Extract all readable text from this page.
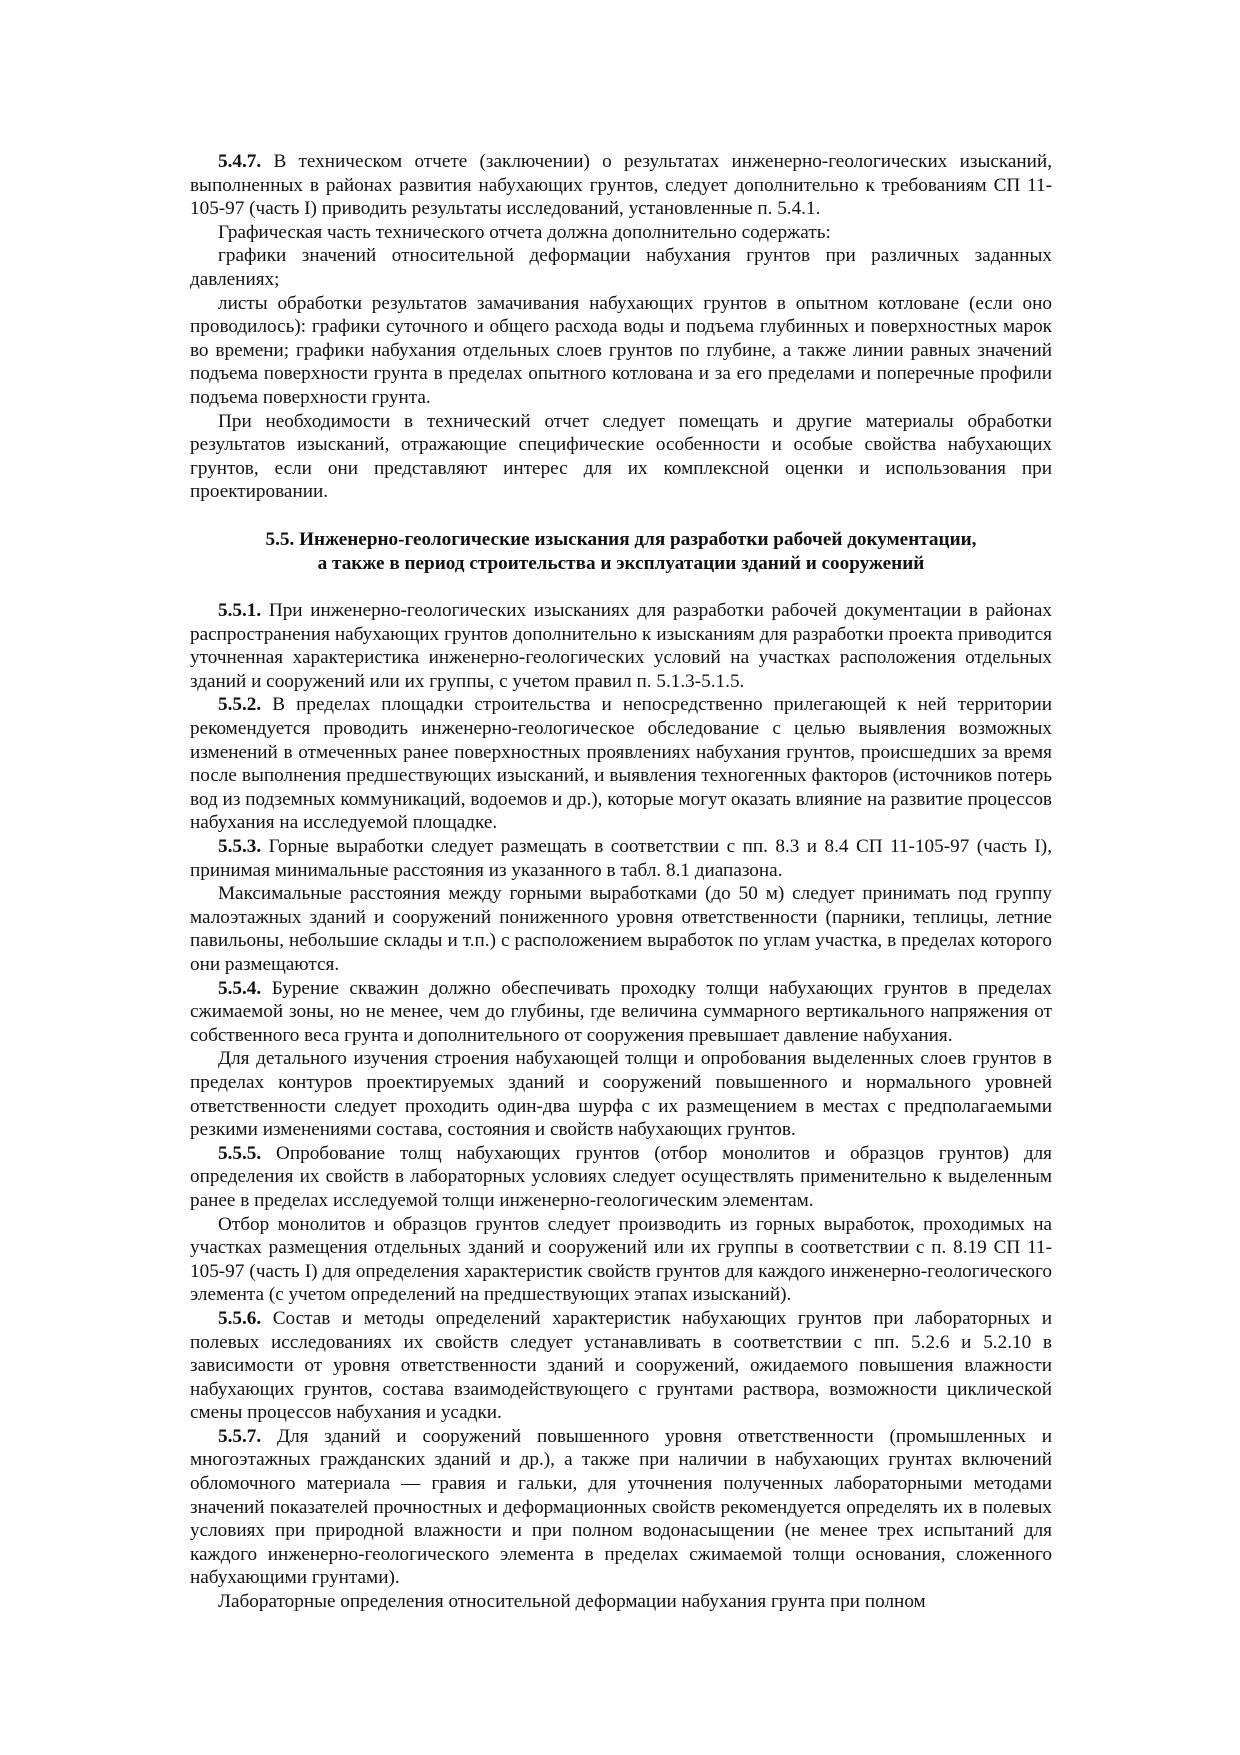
5.4.7. В техническом отчете (заключении) о результатах инженерно-геологических изысканий, выполненных в районах развития набухающих грунтов, следует дополнительно к требованиям СП 11-105-97 (часть I) приводить результаты исследований, установленные п. 5.4.1.

Графическая часть технического отчета должна дополнительно содержать:

графики значений относительной деформации набухания грунтов при различных заданных давлениях;

листы обработки результатов замачивания набухающих грунтов в опытном котловане (если оно проводилось): графики суточного и общего расхода воды и подъема глубинных и поверхностных марок во времени; графики набухания отдельных слоев грунтов по глубине, а также линии равных значений подъема поверхности грунта в пределах опытного котлована и за его пределами и поперечные профили подъема поверхности грунта.

При необходимости в технический отчет следует помещать и другие материалы обработки результатов изысканий, отражающие специфические особенности и особые свойства набухающих грунтов, если они представляют интерес для их комплексной оценки и использования при проектировании.

5.5. Инженерно-геологические изыскания для разработки рабочей документации,

а также в период строительства и эксплуатации зданий и сооружений

5.5.1. При инженерно-геологических изысканиях для разработки рабочей документации в районах распространения набухающих грунтов дополнительно к изысканиям для разработки проекта приводится уточненная характеристика инженерно-геологических условий на участках расположения отдельных зданий и сооружений или их группы, с учетом правил п. 5.1.3-5.1.5.

5.5.2. В пределах площадки строительства и непосредственно прилегающей к ней территории рекомендуется проводить инженерно-геологическое обследование с целью выявления возможных изменений в отмеченных ранее поверхностных проявлениях набухания грунтов, происшедших за время после выполнения предшествующих изысканий, и выявления техногенных факторов (источников потерь вод из подземных коммуникаций, водоемов и др.), которые могут оказать влияние на развитие процессов набухания на исследуемой площадке.

5.5.3. Горные выработки следует размещать в соответствии с пп. 8.3 и 8.4 СП 11-105-97 (часть I), принимая минимальные расстояния из указанного в табл. 8.1 диапазона.

Максимальные расстояния между горными выработками (до 50 м) следует принимать под группу малоэтажных зданий и сооружений пониженного уровня ответственности (парники, теплицы, летние павильоны, небольшие склады и т.п.) с расположением выработок по углам участка, в пределах которого они размещаются.

5.5.4. Бурение скважин должно обеспечивать проходку толщи набухающих грунтов в пределах сжимаемой зоны, но не менее, чем до глубины, где величина суммарного вертикального напряжения от собственного веса грунта и дополнительного от сооружения превышает давление набухания.

Для детального изучения строения набухающей толщи и опробования выделенных слоев грунтов в пределах контуров проектируемых зданий и сооружений повышенного и нормального уровней ответственности следует проходить один-два шурфа с их размещением в местах с предполагаемыми резкими изменениями состава, состояния и свойств набухающих грунтов.

5.5.5. Опробование толщ набухающих грунтов (отбор монолитов и образцов грунтов) для определения их свойств в лабораторных условиях следует осуществлять применительно к выделенным ранее в пределах исследуемой толщи инженерно-геологическим элементам.

Отбор монолитов и образцов грунтов следует производить из горных выработок, проходимых на участках размещения отдельных зданий и сооружений или их группы в соответствии с п. 8.19 СП 11-105-97 (часть I) для определения характеристик свойств грунтов для каждого инженерно-геологического элемента (с учетом определений на предшествующих этапах изысканий).

5.5.6. Состав и методы определений характеристик набухающих грунтов при лабораторных и полевых исследованиях их свойств следует устанавливать в соответствии с пп. 5.2.6 и 5.2.10 в зависимости от уровня ответственности зданий и сооружений, ожидаемого повышения влажности набухающих грунтов, состава взаимодействующего с грунтами раствора, возможности циклической смены процессов набухания и усадки.

5.5.7. Для зданий и сооружений повышенного уровня ответственности (промышленных и многоэтажных гражданских зданий и др.), а также при наличии в набухающих грунтах включений обломочного материала — гравия и гальки, для уточнения полученных лабораторными методами значений показателей прочностных и деформационных свойств рекомендуется определять их в полевых условиях при природной влажности и при полном водонасыщении (не менее трех испытаний для каждого инженерно-геологического элемента в пределах сжимаемой толщи основания, сложенного набухающими грунтами).

Лабораторные определения относительной деформации набухания грунта при полном
